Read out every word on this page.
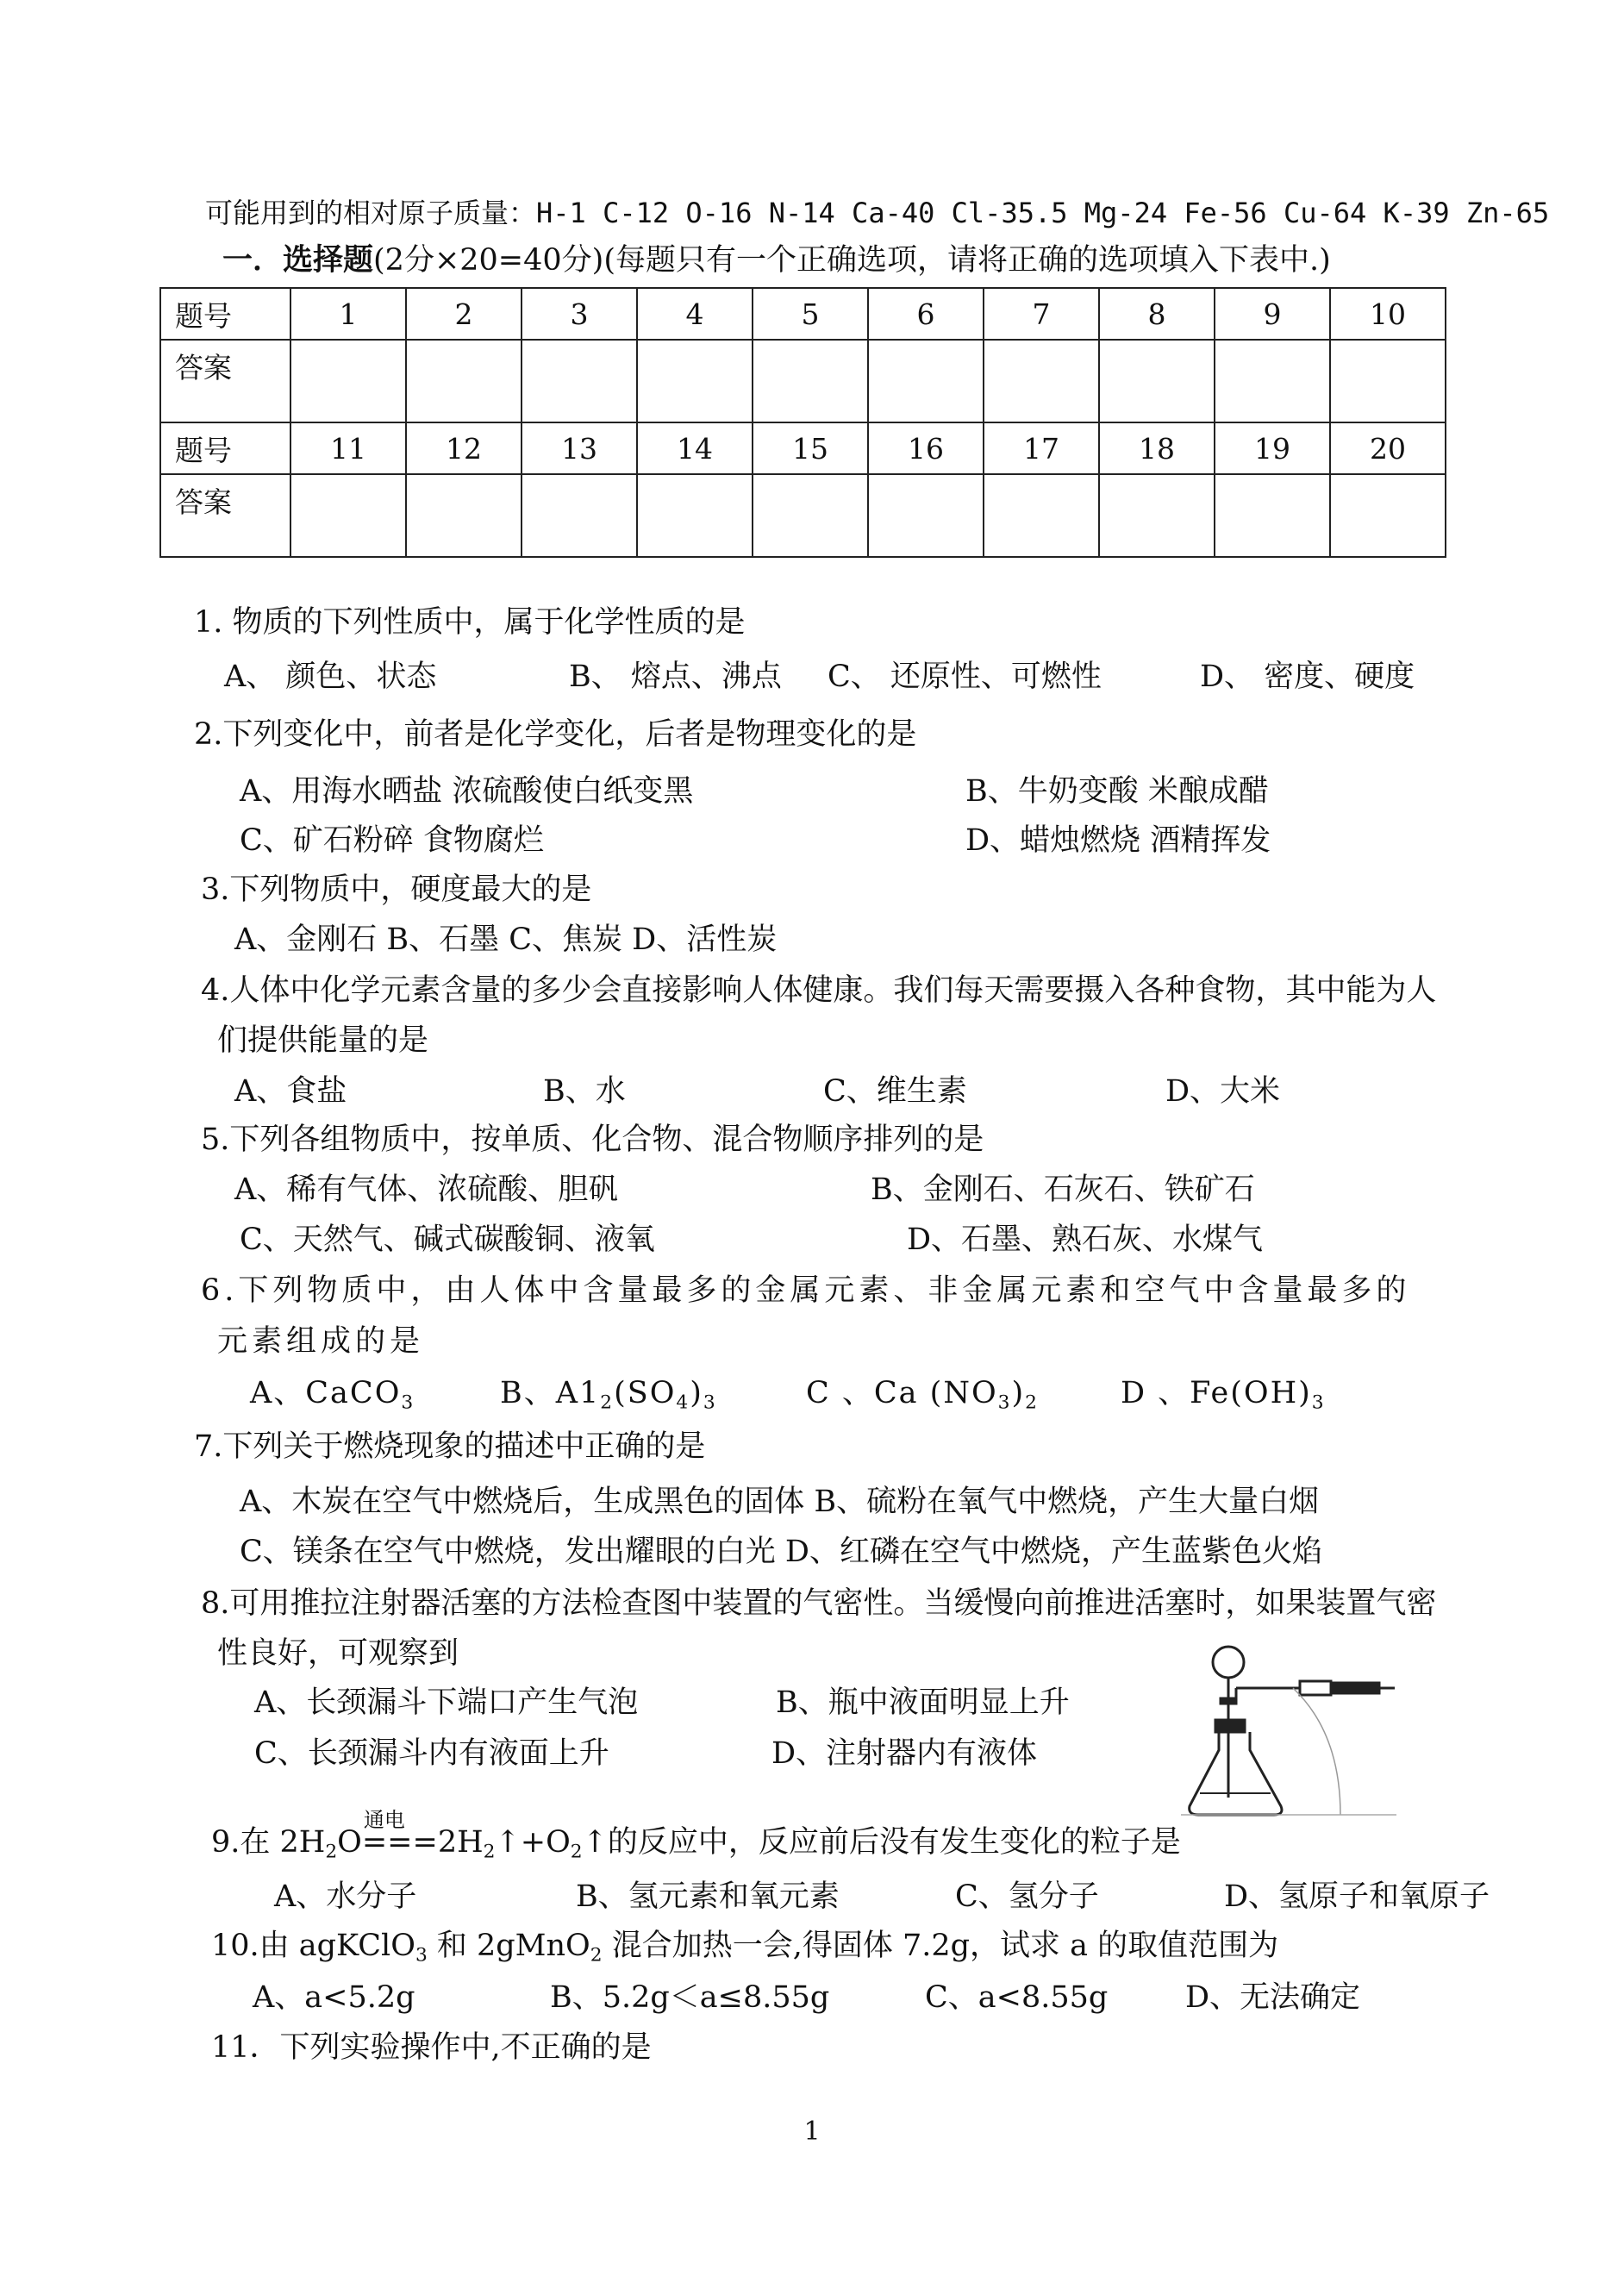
可能用到的相对原子质量：H-1 C-12 O-16 N-14 Ca-40 Cl-35.5 Mg-24 Fe-56 Cu-64 K-39 Zn-65
一．选择题(2分×20=40分)(每题只有一个正确选项，请将正确的选项填入下表中.)
题号	1	2	3	4	5	6	7	8	9	10
答案										
题号	11	12	13	14	15	16	17	18	19	20
答案										
1. 物质的下列性质中，属于化学性质的是
A、 颜色、状态	B、 熔点、沸点 C、 还原性、可燃性	D、 密度、硬度
2.下列变化中，前者是化学变化，后者是物理变化的是
A、用海水晒盐 浓硫酸使白纸变黑	B、牛奶变酸 米酿成醋
C、矿石粉碎 食物腐烂	D、蜡烛燃烧 酒精挥发
3.下列物质中，硬度最大的是
A、金刚石 B、石墨 C、焦炭 D、活性炭
4.人体中化学元素含量的多少会直接影响人体健康。我们每天需要摄入各种食物，其中能为人
们提供能量的是
A、食盐	B、水	C、维生素	D、大米
5.下列各组物质中，按单质、化合物、混合物顺序排列的是
A、稀有气体、浓硫酸、胆矾	B、金刚石、石灰石、铁矿石
C、天然气、碱式碳酸铜、液氧	D、石墨、熟石灰、水煤气
6.下列物质中，由人体中含量最多的金属元素、非金属元素和空气中含量最多的
元素组成的是
A、CaCO$_3$	B、$A1_2(SO_4)_3$	C 、Ca $(NO_3)_2$	D 、$Fe(OH)_3$
7.下列关于燃烧现象的描述中正确的是
A、木炭在空气中燃烧后，生成黑色的固体 B、硫粉在氧气中燃烧，产生大量白烟
C、镁条在空气中燃烧，发出耀眼的白光 D、红磷在空气中燃烧，产生蓝紫色火焰
8.可用推拉注射器活塞的方法检查图中装置的气密性。当缓慢向前推进活塞时，如果装置气密
性良好，可观察到
A、长颈漏斗下端口产生气泡	B、瓶中液面明显上升
C、长颈漏斗内有液面上升	D、注射器内有液体
9.在 $2H_2O$
通电
$===2H_2↑+O_2↑$的反应中，反应前后没有发生变化的粒子是
A、水分子	B、氢元素和氧元素	C、氢分子	D、氢原子和氧原子
10.由 agKClO$_3$ 和 2gMnO$_2$ 混合加热一会,得固体 7.2g，试求 a 的取值范围为
A、a<5.2g	B、5.2g＜a≤8.55g	C、a<8.55g	D、无法确定
11．下列实验操作中,不正确的是
1
